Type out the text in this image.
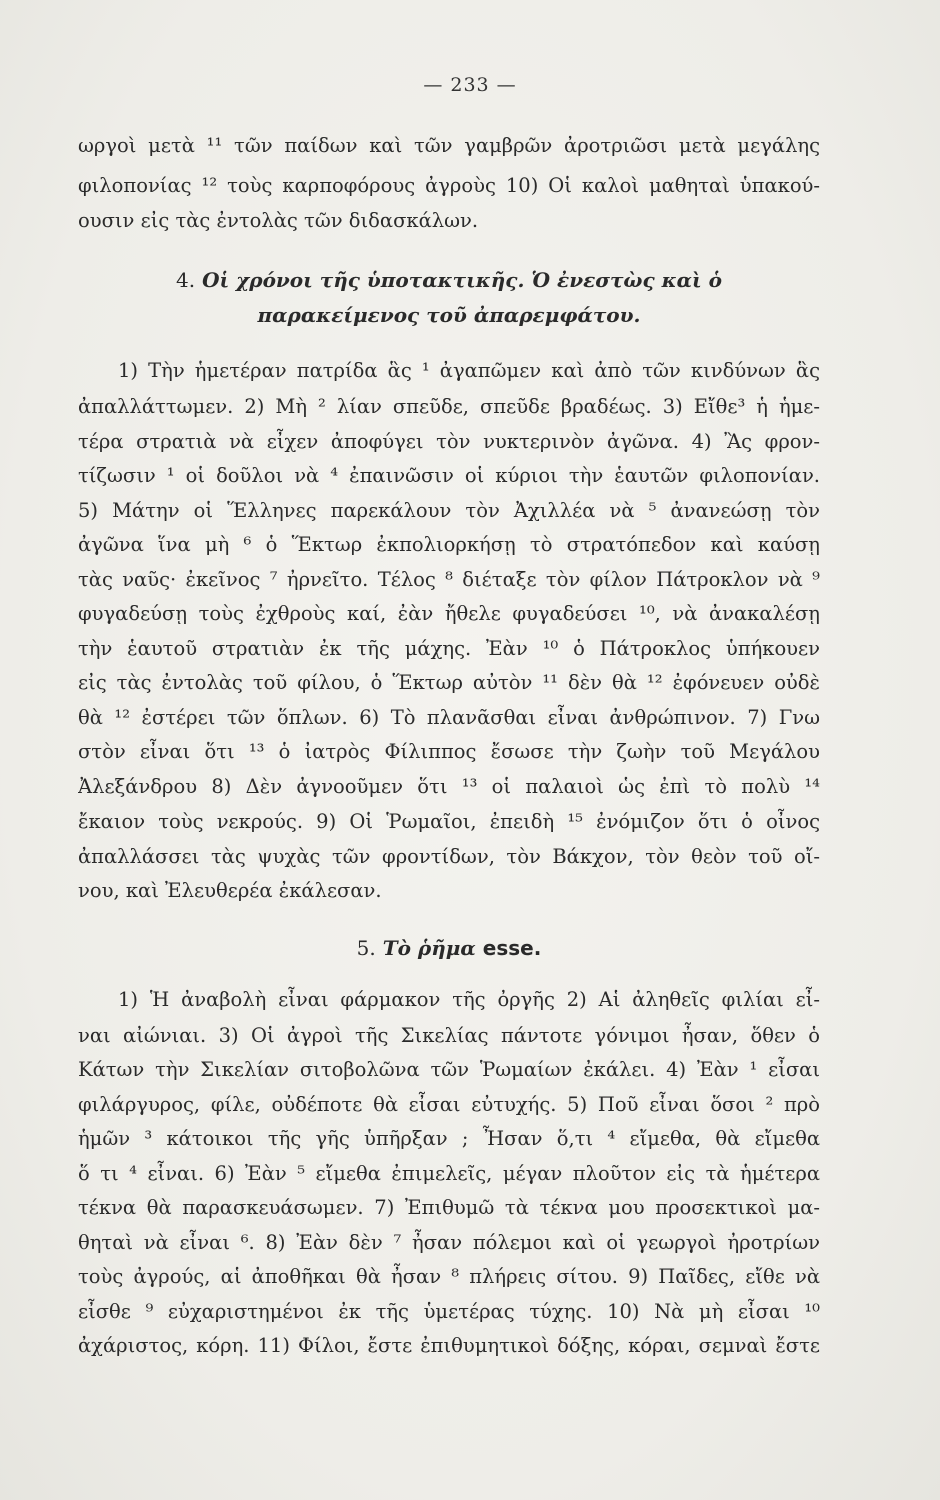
— 233 —
ωργοὶ μετὰ ¹¹ τῶν παίδων καὶ τῶν γαμβρῶν ἀροτριῶσι μετὰ μεγάλης
φιλοπονίας ¹² τοὺς καρποφόρους ἀγροὺς 10) Οἱ καλοὶ μαθηταὶ ὑπακού-
ουσιν εἰς τὰς ἐντολὰς τῶν διδασκάλων.
4. Οἱ χρόνοι τῆς ὑποτακτικῆς. Ὁ ἐνεστὼς καὶ ὁ
παρακείμενος τοῦ ἀπαρεμφάτου.
1) Τὴν ἡμετέραν πατρίδα ἃς ¹ ἀγαπῶμεν καὶ ἀπὸ τῶν κινδύνων ἃς
ἀπαλλάττωμεν. 2) Μὴ ² λίαν σπεῦδε, σπεῦδε βραδέως. 3) Εἴθε³ ἡ ἡμε-
τέρα στρατιὰ νὰ εἶχεν ἀποφύγει τὸν νυκτερινὸν ἀγῶνα. 4) Ἂς φρον-
τίζωσιν ¹ οἱ δοῦλοι νὰ ⁴ ἐπαινῶσιν οἱ κύριοι τὴν ἑαυτῶν φιλοπονίαν.
5) Μάτην οἱ Ἕλληνες παρεκάλουν τὸν Ἀχιλλέα νὰ ⁵ ἀνανεώσῃ τὸν
ἀγῶνα ἵνα μὴ ⁶ ὁ Ἕκτωρ ἐκπολιορκήσῃ τὸ στρατόπεδον καὶ καύσῃ
τὰς ναῦς· ἐκεῖνος ⁷ ἠρνεῖτο. Τέλος ⁸ διέταξε τὸν φίλον Πάτροκλον νὰ ⁹
φυγαδεύσῃ τοὺς ἐχθροὺς καί, ἐὰν ἤθελε φυγαδεύσει ¹⁰, νὰ ἀνακαλέσῃ
τὴν ἑαυτοῦ στρατιὰν ἐκ τῆς μάχης. Ἐὰν ¹⁰ ὁ Πάτροκλος ὑπήκουεν
εἰς τὰς ἐντολὰς τοῦ φίλου, ὁ Ἕκτωρ αὐτὸν ¹¹ δὲν θὰ ¹² ἐφόνευεν οὐδὲ
θὰ ¹² ἐστέρει τῶν ὅπλων. 6) Τὸ πλανᾶσθαι εἶναι ἀνθρώπινον. 7) Γνω
στὸν εἶναι ὅτι ¹³ ὁ ἰατρὸς Φίλιππος ἔσωσε τὴν ζωὴν τοῦ Μεγάλου
Ἀλεξάνδρου 8) Δὲν ἀγνοοῦμεν ὅτι ¹³ οἱ παλαιοὶ ὡς ἐπὶ τὸ πολὺ ¹⁴
ἔκαιον τοὺς νεκρούς. 9) Οἱ Ῥωμαῖοι, ἐπειδὴ ¹⁵ ἐνόμιζον ὅτι ὁ οἶνος
ἀπαλλάσσει τὰς ψυχὰς τῶν φροντίδων, τὸν Βάκχον, τὸν θεὸν τοῦ οἴ-
νου, καὶ Ἐλευθερέα ἐκάλεσαν.
5. Τὸ ῥῆμα esse.
1) Ἡ ἀναβολὴ εἶναι φάρμακον τῆς ὀργῆς 2) Αἱ ἀληθεῖς φιλίαι εἶ-
ναι αἰώνιαι. 3) Οἱ ἀγροὶ τῆς Σικελίας πάντοτε γόνιμοι ἦσαν, ὅθεν ὁ
Κάτων τὴν Σικελίαν σιτοβολῶνα τῶν Ῥωμαίων ἐκάλει. 4) Ἐὰν ¹ εἶσαι
φιλάργυρος, φίλε, οὐδέποτε θὰ εἶσαι εὐτυχής. 5) Ποῦ εἶναι ὅσοι ² πρὸ
ἡμῶν ³ κάτοικοι τῆς γῆς ὑπῆρξαν ; Ἦσαν ὅ,τι ⁴ εἴμεθα, θὰ εἴμεθα
ὅ τι ⁴ εἶναι. 6) Ἐὰν ⁵ εἴμεθα ἐπιμελεῖς, μέγαν πλοῦτον εἰς τὰ ἡμέτερα
τέκνα θὰ παρασκευάσωμεν. 7) Ἐπιθυμῶ τὰ τέκνα μου προσεκτικοὶ μα-
θηταὶ νὰ εἶναι ⁶. 8) Ἐὰν δὲν ⁷ ἦσαν πόλεμοι καὶ οἱ γεωργοὶ ἠροτρίων
τοὺς ἀγρούς, αἱ ἀποθῆκαι θὰ ἦσαν ⁸ πλήρεις σίτου. 9) Παῖδες, εἴθε νὰ
εἶσθε ⁹ εὐχαριστημένοι ἐκ τῆς ὑμετέρας τύχης. 10) Νὰ μὴ εἶσαι ¹⁰
ἀχάριστος, κόρη. 11) Φίλοι, ἔστε ἐπιθυμητικοὶ δόξης, κόραι, σεμναὶ ἔστε
